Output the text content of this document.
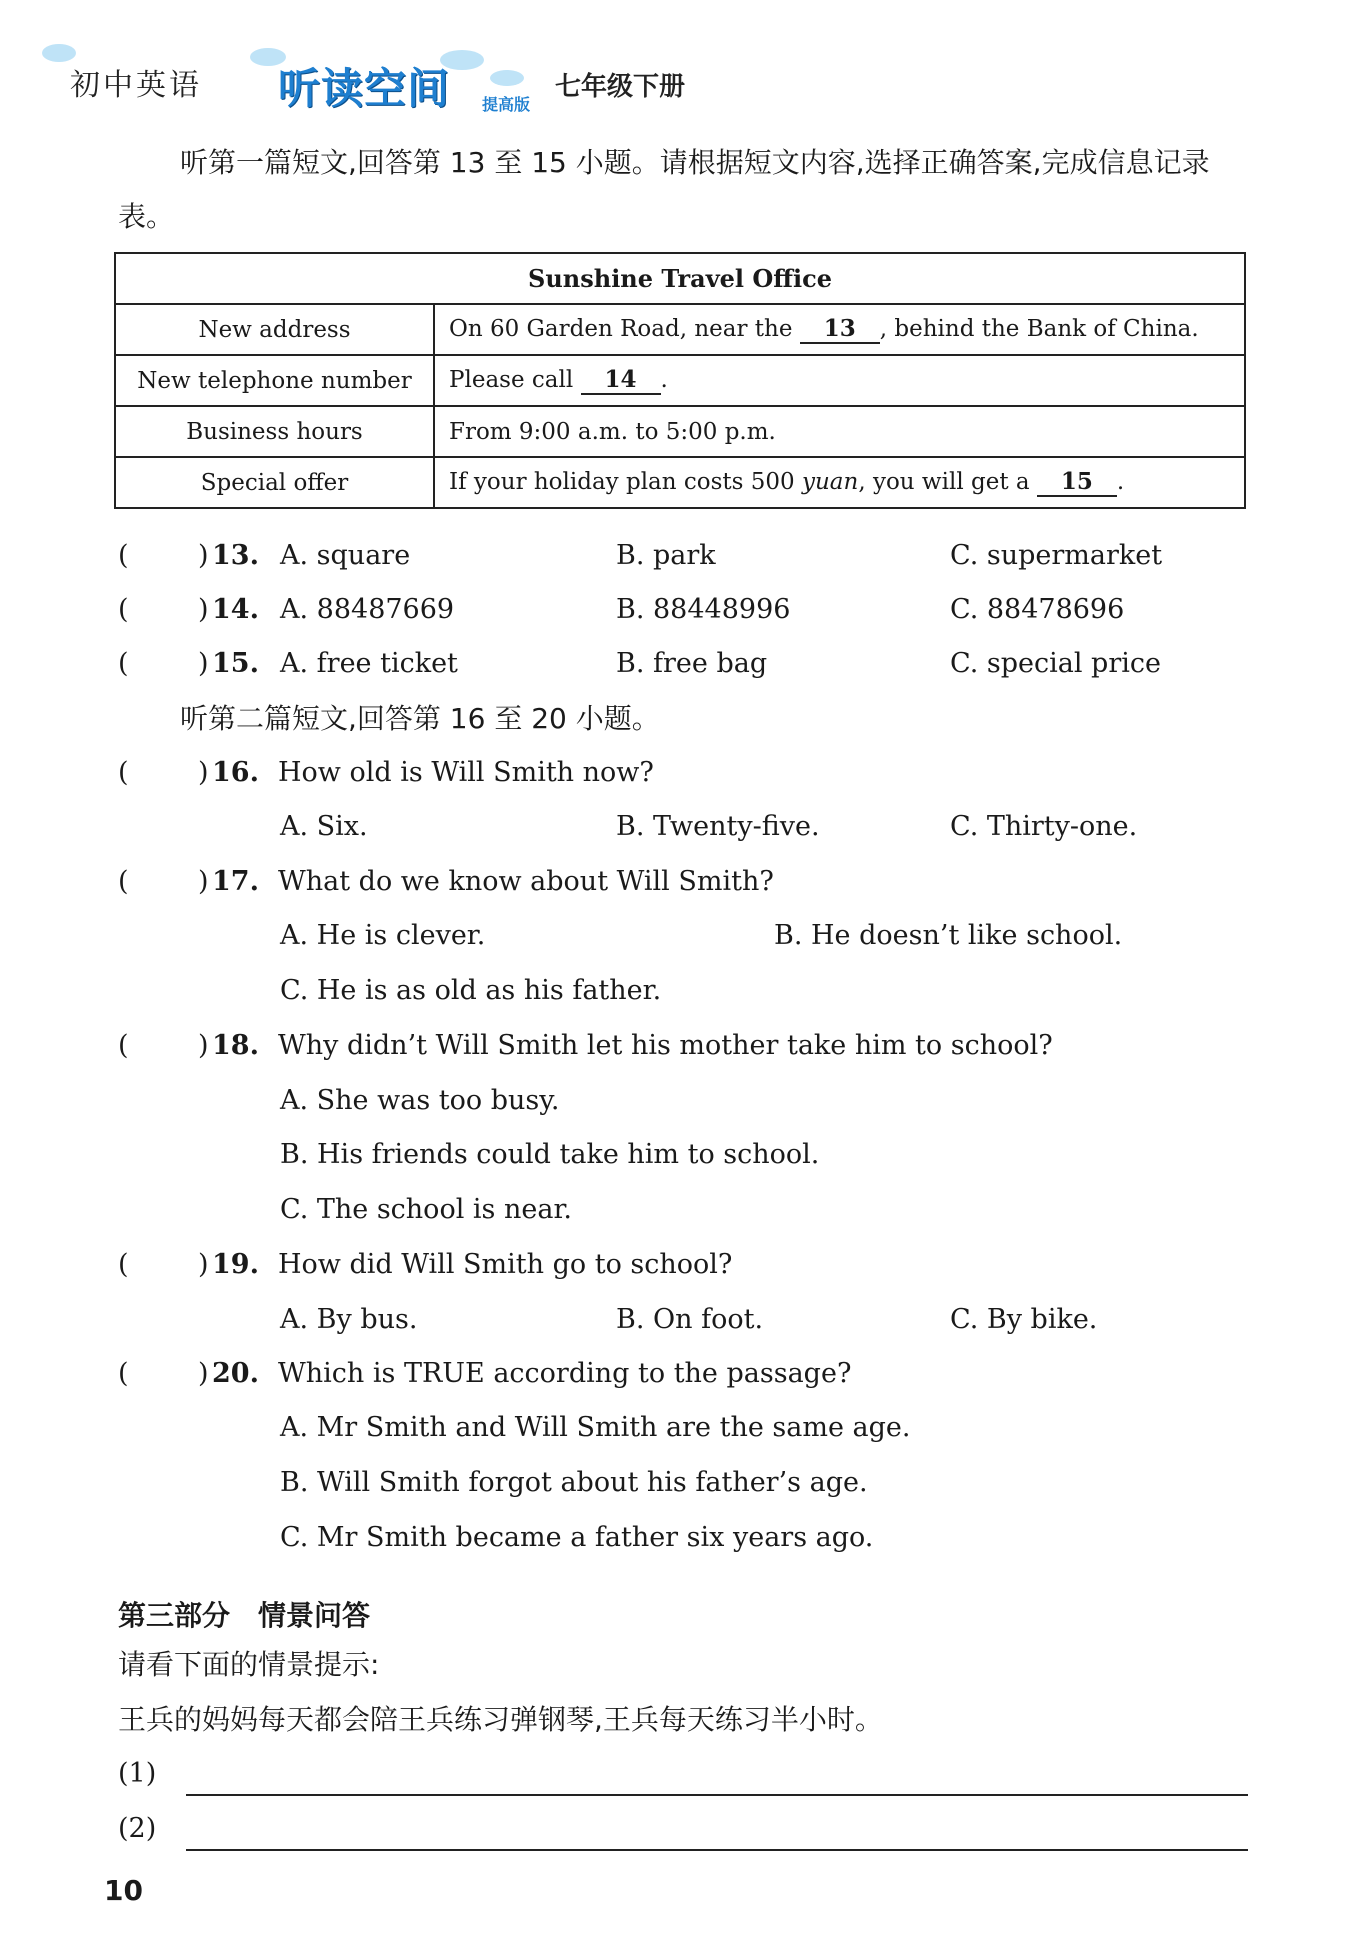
初中英语 听读空间 提高版
七年级下册
听第一篇短文,回答第 13 至 15 小题。请根据短文内容,选择正确答案,完成信息记录表。
Sunshine Travel Office	
New address	On 60 Garden Road, near the 13 , behind the Bank of China.
New telephone number	Please call 14 .
Business hours	From 9:00 a.m. to 5:00 p.m.
Special offer	If your holiday plan costs 500 yuan, you will get a 15 .
(	) 13. A. square	B. park	C. supermarket
(	) 14. A. 88487669	B. 88448996	C. 88478696
(	) 15. A. free ticket	B. free bag	C. special price
听第二篇短文,回答第 16 至 20 小题。
(	) 16. How old is Will Smith now?
A. Six.	B. Twenty-five.	C. Thirty-one.
(	) 17. What do we know about Will Smith?
A. He is clever.	B. He doesn’t like school.
C. He is as old as his father.
(	) 18. Why didn’t Will Smith let his mother take him to school?
A. She was too busy.
B. His friends could take him to school.
C. The school is near.
(	) 19. How did Will Smith go to school?
A. By bus.	B. On foot.	C. By bike.
(	) 20. Which is TRUE according to the passage?
A. Mr Smith and Will Smith are the same age.
B. Will Smith forgot about his father’s age.
C. Mr Smith became a father six years ago.
第三部分　情景问答
请看下面的情景提示:
王兵的妈妈每天都会陪王兵练习弹钢琴,王兵每天练习半小时。
(1)
(2)
10
